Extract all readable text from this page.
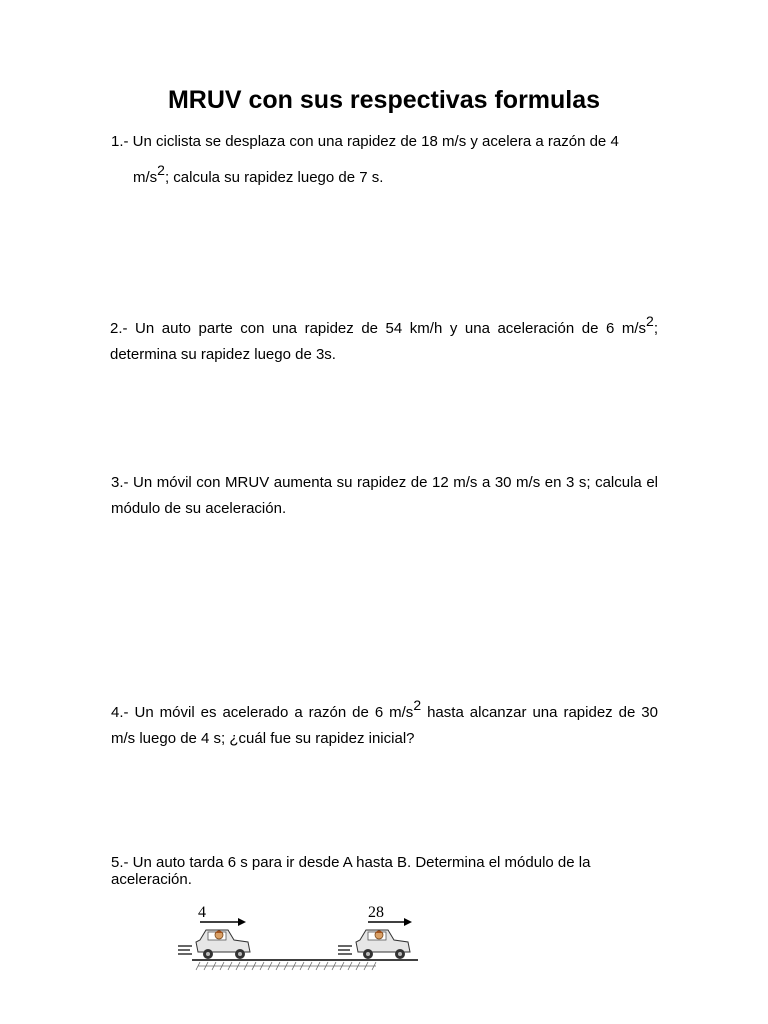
MRUV con sus respectivas formulas

1.- Un ciclista se desplaza con una rapidez de 18 m/s y acelera a razón de 4
$m/s^2$; calcula su rapidez luego de 7 s.

2.- Un auto parte con una rapidez de 54 km/h y una aceleración de 6 $m/s^2$; determina su rapidez luego de 3s.

3.- Un móvil con MRUV aumenta su rapidez de 12 m/s a 30 m/s en 3 s; calcula el módulo de su aceleración.

4.- Un móvil es acelerado a razón de 6 $m/s^2$ hasta alcanzar una rapidez de 30 m/s luego de 4 s; ¿cuál fue su rapidez inicial?

5.- Un auto tarda 6 s para ir desde A hasta B. Determina el módulo de la aceleración.

4	28
